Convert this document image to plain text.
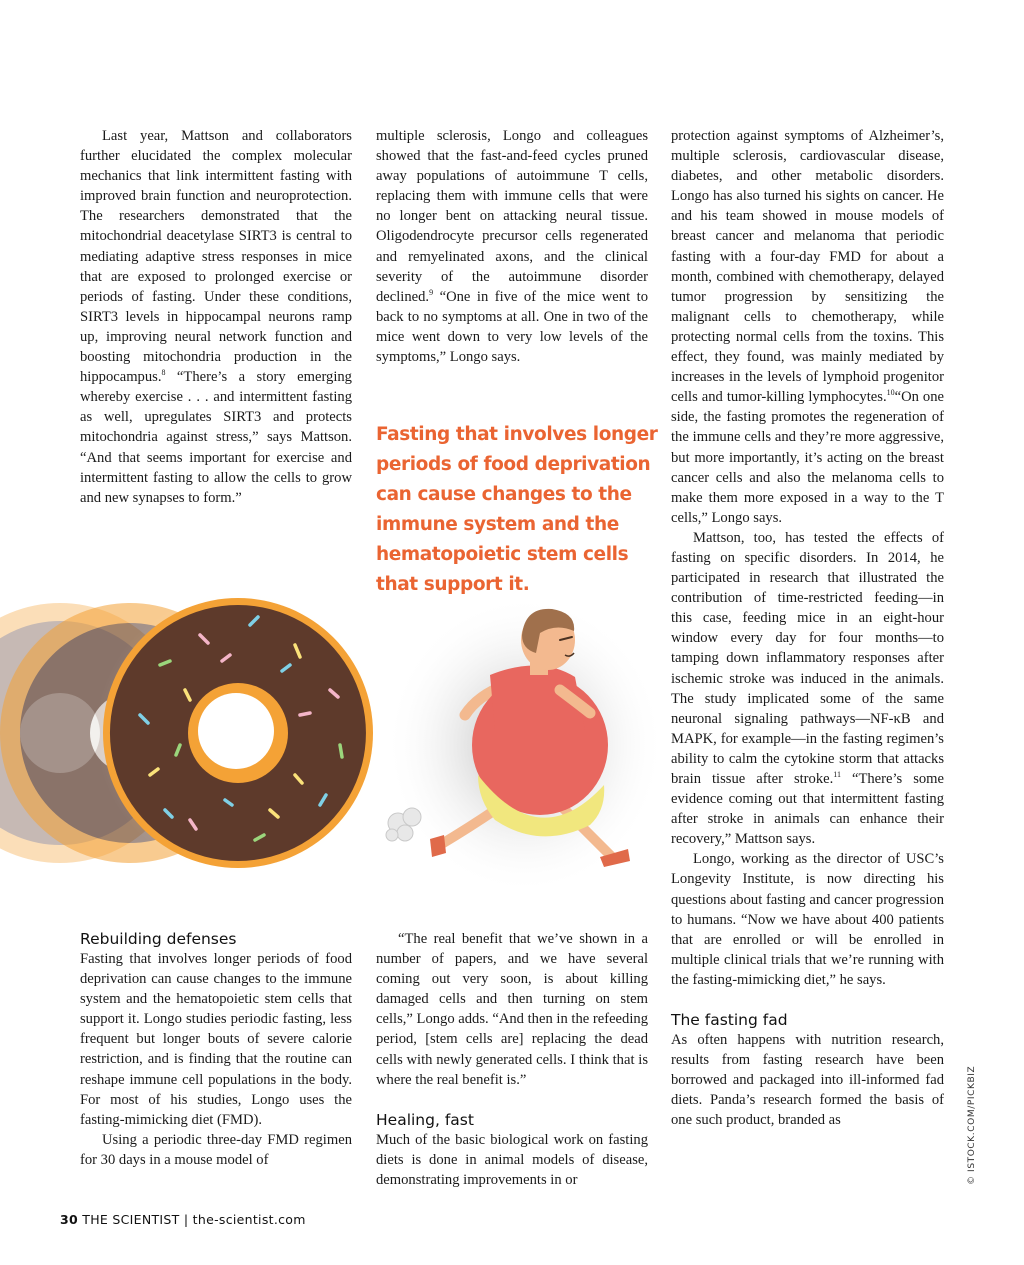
Last year, Mattson and collaborators further elucidated the complex molecular mechanics that link intermittent fasting with improved brain function and neuroprotection. The researchers demonstrated that the mitochondrial deacetylase SIRT3 is central to mediating adaptive stress responses in mice that are exposed to prolonged exercise or periods of fasting. Under these conditions, SIRT3 levels in hippocampal neurons ramp up, improving neural network function and boosting mitochondria production in the hippocampus.$^8$ “There’s a story emerging whereby exercise . . . and intermittent fasting as well, upregulates SIRT3 and protects mitochondria against stress,” says Mattson. “And that seems important for exercise and intermittent fasting to allow the cells to grow and new synapses to form.”

multiple sclerosis, Longo and colleagues showed that the fast-and-feed cycles pruned away populations of autoimmune T cells, replacing them with immune cells that were no longer bent on attacking neural tissue. Oligodendrocyte precursor cells regenerated and remyelinated axons, and the clinical severity of the autoimmune disorder declined.$^9$ “One in five of the mice went to back to no symptoms at all. One in two of the mice went down to very low levels of the symptoms,” Longo says.

Fasting that involves longer periods of food deprivation can cause changes to the immune system and the hematopoietic stem cells that support it.

protection against symptoms of Alzheimer’s, multiple sclerosis, cardiovascular disease, diabetes, and other metabolic disorders. Longo has also turned his sights on cancer. He and his team showed in mouse models of breast cancer and melanoma that periodic fasting with a four-day FMD for about a month, combined with chemotherapy, delayed tumor progression by sensitizing the malignant cells to chemotherapy, while protecting normal cells from the toxins. This effect, they found, was mainly mediated by increases in the levels of lymphoid progenitor cells and tumor-killing lymphocytes.$^{10}$“On one side, the fasting promotes the regeneration of the immune cells and they’re more aggressive, but more importantly, it’s acting on the breast cancer cells and also the melanoma cells to make them more exposed in a way to the T cells,” Longo says.

Mattson, too, has tested the effects of fasting on specific disorders. In 2014, he participated in research that illustrated the contribution of time-restricted feeding—in this case, feeding mice in an eight-hour window every day for four months—to tamping down inflammatory responses after ischemic stroke was induced in the animals. The study implicated some of the same neuronal signaling pathways—NF-κB and MAPK, for example—in the fasting regimen’s ability to calm the cytokine storm that attacks brain tissue after stroke.$^{11}$ “There’s some evidence coming out that intermittent fasting after stroke in animals can enhance their recovery,” Mattson says.

Longo, working as the director of USC’s Longevity Institute, is now directing his questions about fasting and cancer progression to humans. “Now we have about 400 patients that are enrolled or will be enrolled in multiple clinical trials that we’re running with the fasting-mimicking diet,” he says.

The fasting fad

As often happens with nutrition research, results from fasting research have been borrowed and packaged into ill-informed fad diets. Panda’s research formed the basis of one such product, branded as

Rebuilding defenses

Fasting that involves longer periods of food deprivation can cause changes to the immune system and the hematopoietic stem cells that support it. Longo studies periodic fasting, less frequent but longer bouts of severe calorie restriction, and is finding that the routine can reshape immune cell populations in the body. For most of his studies, Longo uses the fasting-mimicking diet (FMD).

Using a periodic three-day FMD regimen for 30 days in a mouse model of

“The real benefit that we’ve shown in a number of papers, and we have several coming out very soon, is about killing damaged cells and then turning on stem cells,” Longo adds. “And then in the refeeding period, [stem cells are] replacing the dead cells with newly generated cells. I think that is where the real benefit is.”

Healing, fast

Much of the basic biological work on fasting diets is done in animal models of disease, demonstrating improvements in or	© ISTOCK.COM/PICKBIZ
30 THE SCIENTIST | the-scientist.com
